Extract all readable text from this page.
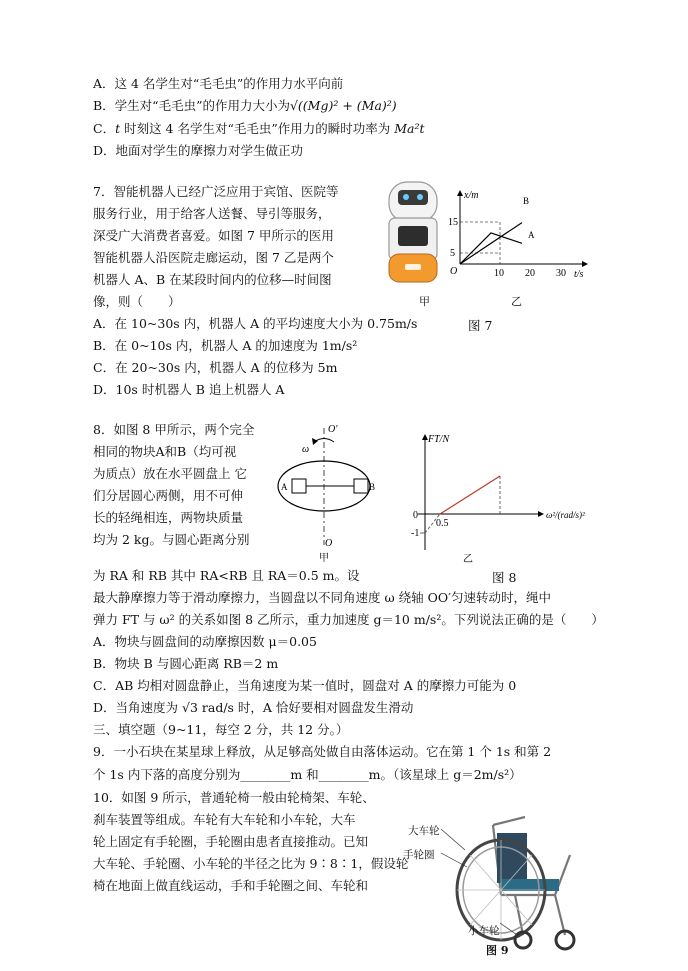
A．这 4 名学生对“毛毛虫”的作用力水平向前
B．学生对“毛毛虫”的作用力大小为√((Mg)² + (Ma)²)
C．t 时刻这 4 名学生对“毛毛虫”作用力的瞬时功率为 Ma²t
D．地面对学生的摩擦力对学生做正功
7．智能机器人已经广泛应用于宾馆、医院等
服务行业，用于给客人送餐、导引等服务，
深受广大消费者喜爱。如图 7 甲所示的医用
智能机器人沿医院走廊运动，图 7 乙是两个
机器人 A、B 在某段时间内的位移—时间图
像，则（　　）
x/m
t/s
O
15
5
10 20 30
B
A
甲	乙
A．在 10~30s 内，机器人 A 的平均速度大小为 0.75m/s	图 7
B．在 0~10s 内，机器人 A 的加速度为 1m/s²
C．在 20~30s 内，机器人 A 的位移为 5m
D．10s 时机器人 B 追上机器人 A
8．如图 8 甲所示，两个完全
相同的物块A和B（均可视
为质点）放在水平圆盘上 它
们分居圆心两侧，用不可伸
长的轻绳相连，两物块质量
均为 2 kg。与圆心距离分别
O′
ω
A	B
O
甲
FT/N
ω²/(rad/s)²
0
0.5
-1
乙
为 RA 和 RB 其中 RA<RB 且 RA＝0.5 m。设	图 8
最大静摩擦力等于滑动摩擦力，当圆盘以不同角速度 ω 绕轴 OO′匀速转动时，绳中
弹力 FT 与 ω² 的关系如图 8 乙所示，重力加速度 g＝10 m/s²。下列说法正确的是（　　）
A．物块与圆盘间的动摩擦因数 μ＝0.05
B．物块 B 与圆心距离 RB＝2 m
C．AB 均相对圆盘静止，当角速度为某一值时，圆盘对 A 的摩擦力可能为 0
D．当角速度为 √3 rad/s 时，A 恰好要相对圆盘发生滑动
三、填空题（9~11，每空 2 分，共 12 分。）
9．一小石块在某星球上释放，从足够高处做自由落体运动。它在第 1 个 1s 和第 2
个 1s 内下落的高度分别为________m 和________m。（该星球上 g＝2m/s²）
10．如图 9 所示，普通轮椅一般由轮椅架、车轮、
刹车装置等组成。车轮有大车轮和小车轮，大车
轮上固定有手轮圈，手轮圈由患者直接推动。已知
大车轮、手轮圈、小车轮的半径之比为 9∶8∶1，假设轮
椅在地面上做直线运动，手和手轮圈之间、车轮和
大车轮
手轮圈
小车轮
图 9
